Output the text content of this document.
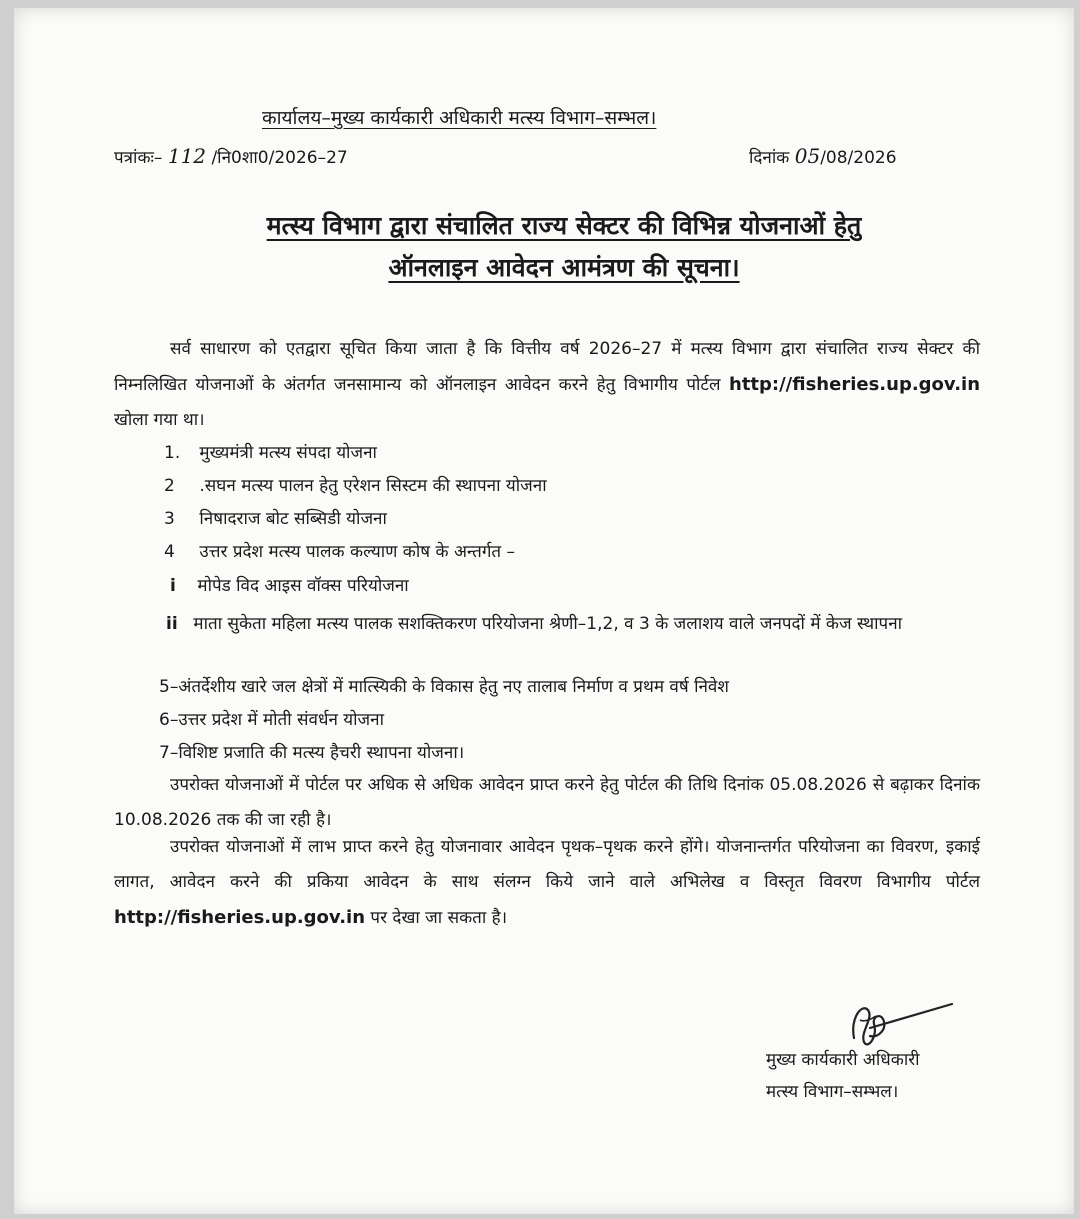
कार्यालय–मुख्य कार्यकारी अधिकारी मत्स्य विभाग–सम्भल।
पत्रांकः– 112 /नि0शा0/2026–27	दिनांक 05/08/2026
मत्स्य विभाग द्वारा संचालित राज्य सेक्टर की विभिन्न योजनाओं हेतु
ऑनलाइन आवेदन आमंत्रण की सूचना।
सर्व साधारण को एतद्वारा सूचित किया जाता है कि वित्तीय वर्ष 2026–27 में मत्स्य विभाग द्वारा संचालित राज्य सेक्टर की निम्नलिखित योजनाओं के अंतर्गत जनसामान्य को ऑनलाइन आवेदन करने हेतु विभागीय पोर्टल http://fisheries.up.gov.in खोला गया था।
1. मुख्यमंत्री मत्स्य संपदा योजना
2 .सघन मत्स्य पालन हेतु एरेशन सिस्टम की स्थापना योजना
3 निषादराज बोट सब्सिडी योजना
4 उत्तर प्रदेश मत्स्य पालक कल्याण कोष के अन्तर्गत –
i मोपेड विद आइस वॉक्स परियोजना
ii माता सुकेता महिला मत्स्य पालक सशक्तिकरण परियोजना श्रेणी–1,2, व 3 के जलाशय वाले जनपदों में केज स्थापना
5–अंतर्देशीय खारे जल क्षेत्रों में मात्स्यिकी के विकास हेतु नए तालाब निर्माण व प्रथम वर्ष निवेश
6–उत्तर प्रदेश में मोती संवर्धन योजना
7–विशिष्ट प्रजाति की मत्स्य हैचरी स्थापना योजना।
उपरोक्त योजनाओं में पोर्टल पर अधिक से अधिक आवेदन प्राप्त करने हेतु पोर्टल की तिथि दिनांक 05.08.2026 से बढ़ाकर दिनांक 10.08.2026 तक की जा रही है।
उपरोक्त योजनाओं में लाभ प्राप्त करने हेतु योजनावार आवेदन पृथक–पृथक करने होंगे। योजनान्तर्गत परियोजना का विवरण, इकाई लागत, आवेदन करने की प्रकिया आवेदन के साथ संलग्न किये जाने वाले अभिलेख व विस्तृत विवरण विभागीय पोर्टल http://fisheries.up.gov.in पर देखा जा सकता है।
मुख्य कार्यकारी अधिकारी
मत्स्य विभाग–सम्भल।
